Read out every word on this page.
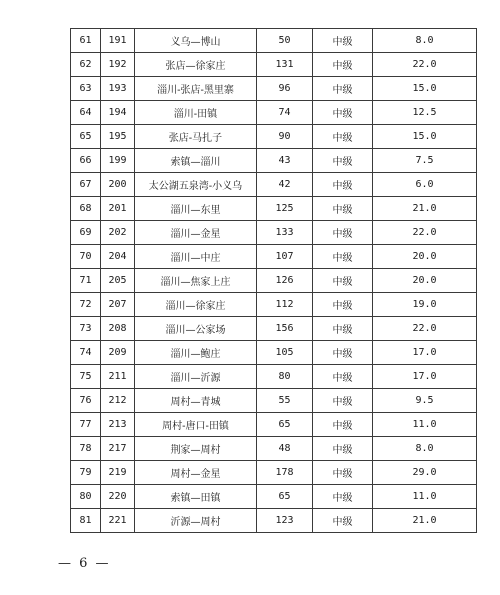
61	191	义乌—博山	50	中级	8.0
62	192	张店—徐家庄	131	中级	22.0
63	193	淄川-张店-黑里寨	96	中级	15.0
64	194	淄川-田镇	74	中级	12.5
65	195	张店-马扎子	90	中级	15.0
66	199	索镇—淄川	43	中级	7.5
67	200	太公湖五泉湾-小义乌	42	中级	6.0
68	201	淄川—东里	125	中级	21.0
69	202	淄川—金星	133	中级	22.0
70	204	淄川—中庄	107	中级	20.0
71	205	淄川—焦家上庄	126	中级	20.0
72	207	淄川—徐家庄	112	中级	19.0
73	208	淄川—公家场	156	中级	22.0
74	209	淄川—鲍庄	105	中级	17.0
75	211	淄川—沂源	80	中级	17.0
76	212	周村—青城	55	中级	9.5
77	213	周村-唐口-田镇	65	中级	11.0
78	217	荆家—周村	48	中级	8.0
79	219	周村—金星	178	中级	29.0
80	220	索镇—田镇	65	中级	11.0
81	221	沂源—周村	123	中级	21.0
— 6 —
